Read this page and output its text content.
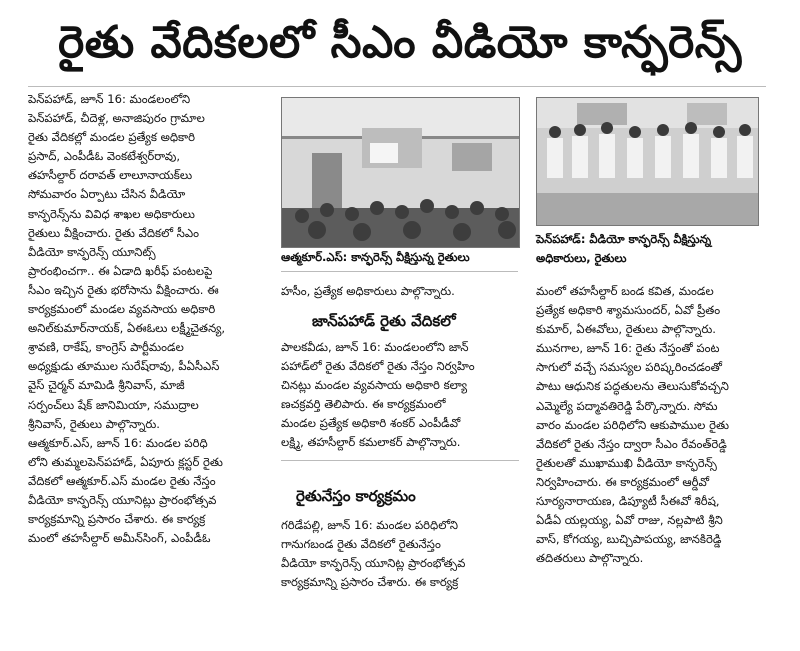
రైతు వేదికలలో సీఎం వీడియో కాన్ఫరెన్స్

పెన్‌పహాడ్, జూన్ 16: మండలంలోని

పెన్‌పహాడ్, చీదెళ్ల, అనాజిపురం గ్రామాల

రైతు వేదికల్లో మండల ప్రత్యేక అధికారి

ప్రసాద్, ఎంపీడీఓ వెంకటేశ్వర్‌రావు,

తహసీల్దార్ దరావత్ లాలూనాయక్‌లు

సోమవారం ఏర్పాటు చేసిన వీడియో

కాన్ఫరెన్స్‌ను వివిధ శాఖల అధికారులు

రైతులు వీక్షించారు. రైతు వేదికలో సీఎం

వీడియో కాన్ఫరెన్స్ యూనిట్స్

ప్రారంభించగా.. ఈ ఏడాది ఖరీఫ్ పంటలపై

సీఎం ఇచ్చిన రైతు భరోసాను వీక్షించారు. ఈ

కార్యక్రమంలో మండల వ్యవసాయ అధికారి

అనిల్‌కుమార్‌నాయక్, ఏఈఓలు లక్ష్మీచైతన్య,

శ్రావణి, రాకేష్, కాంగ్రెస్ పార్టీమండల

అధ్యక్షుడు తూముల సురేష్‌రావు, పీఏసీఎస్

వైస్ చైర్మన్ మామిడి శ్రీనివాస్, మాజీ

సర్పంచ్‌లు షేక్ జానిమియా, సముద్రాల

శ్రీనివాస్, రైతులు పాల్గొన్నారు.

ఆత్మకూర్.ఎస్, జూన్ 16: మండల పరిధి

లోని తుమ్మలపెన్‌పహాడ్, ఏపూరు క్లస్టర్ రైతు

వేదికలో ఆత్మకూర్.ఎస్ మండల రైతు నేస్తం

వీడియో కాన్ఫరెన్స్ యూనిట్లు ప్రారంభోత్సవ

కార్యక్రమాన్ని ప్రసారం చేశారు. ఈ కార్యక్ర

మంలో తహసీల్దార్ అమీన్‌సింగ్, ఎంపీడీఓ

ఆత్మకూర్.ఎస్: కాన్ఫరెన్స్ వీక్షిస్తున్న రైతులు
పెన్‌పహాడ్: వీడియో కాన్ఫరెన్స్ వీక్షిస్తున్న అధికారులు, రైతులు

హసీం, ప్రత్యేక అధికారులు పాల్గొన్నారు.

జాన్‌పహాడ్ రైతు వేదికలో

పాలకవీడు, జూన్ 16: మండలంలోని జాన్

పహాడ్‌లో రైతు వేదికలో రైతు నేస్తం నిర్వహిం

చినట్లు మండల వ్యవసాయ అధికారి కల్యా

ణచక్రవర్తి తెలిపారు. ఈ కార్యక్రమంలో

మండల ప్రత్యేక అధికారి శంకర్ ఎంపీడీవో

లక్ష్మి, తహసీల్దార్ కమలాకర్ పాల్గొన్నారు.

రైతునేస్తం కార్యక్రమం

గరిడేపల్లి, జూన్ 16: మండల పరిధిలోని

గానుగబండ రైతు వేదికలో రైతునేస్తం

వీడియో కాన్ఫరెన్స్ యూనిట్ల ప్రారంభోత్సవ

కార్యక్రమాన్ని ప్రసారం చేశారు. ఈ కార్యక్ర

మంలో తహసీల్దార్ బండ కవిత, మండల

ప్రత్యేక అధికారి శ్యామసుందర్, ఏవో ప్రీతం

కుమార్, ఏఈవోలు, రైతులు పాల్గొన్నారు.

మునగాల, జూన్ 16: రైతు నేస్తంతో పంట

సాగులో వచ్చే సమస్యల పరిష్కరించడంతో

పాటు ఆధునిక పద్ధతులను తెలుసుకోవచ్చని

ఎమ్మెల్యే పద్మావతిరెడ్డి పేర్కొన్నారు. సోమ

వారం మండల పరిధిలోని ఆకుపాముల రైతు

వేదికలో రైతు నేస్తం ద్వారా సీఎం రేవంత్‌రెడ్డి

రైతులతో ముఖాముఖి వీడియో కాన్ఫరెన్స్

నిర్వహించారు. ఈ కార్యక్రమంలో ఆర్డీవో

సూర్యనారాయణ, డిప్యూటీ సీఈవో శిరీష,

ఏడీఏ యల్లయ్య, ఏవో రాజు, నల్లపాటి శ్రీని

వాస్, కోగయ్య, బుచ్చిపాపయ్య, జానకిరెడ్డి

తదితరులు పాల్గొన్నారు.
